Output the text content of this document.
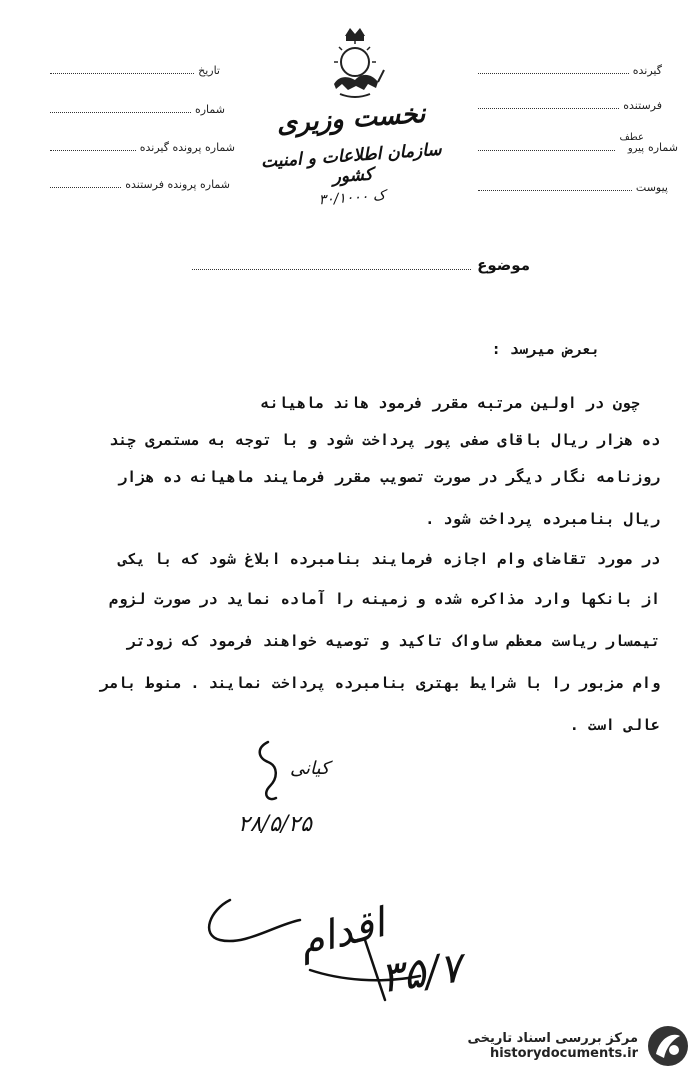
تاریخ
شماره
شماره پرونده گیرنده
شماره پرونده فرستنده
نخست وزیری
سازمان اطلاعات و امنیت کشور
۳۰/۱۰۰۰ ک
گیرنده
فرستنده
شماره
عطف
پیرو
پیوست
موضوع
بعرض میرسد :
چون در اولین مرتبه مقرر فرمود هاند ماهیانه
ده هزار ریال باقای صفی پور پرداخت شود و با توجه به مستمری چند
روزنامه نگار دیگر در صورت تصویب مقرر فرمایند ماهیانه ده هزار
ریال بنامبرده پرداخت شود .
در مورد تقاضای وام اجازه فرمایند بنامبرده ابلاغ شود که با یکی
از بانکها وارد مذاکره شده و زمینه را آماده نماید در صورت لزوم
تیمسار ریاست معظم ساواک تاکید و توصیه خواهند فرمود که زودتر
وام مزبور را با شرایط بهتری بنامبرده پرداخت نمایند . منوط بامر
عالی است .
کیانی
۲۸/۵/۲۵
اقدام
۳۵/۷
مرکز بررسی اسناد تاریخی
historydocuments.ir
